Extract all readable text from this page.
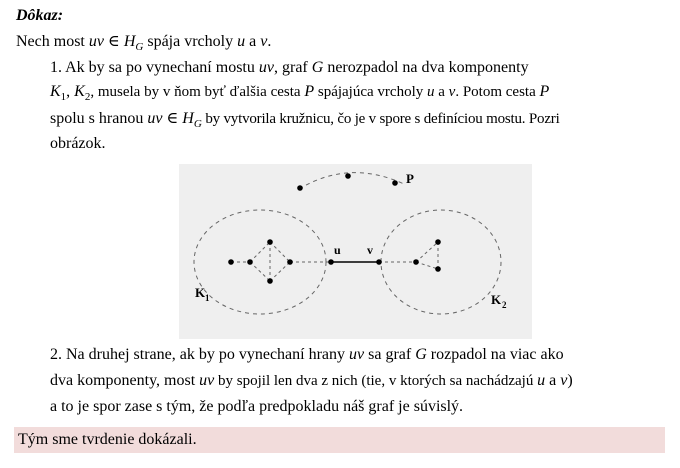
Dôkaz:
Nech most uv ∈ $H_G$ spája vrcholy u a v.
1. Ak by sa po vynechaní mostu uv, graf G nerozpadol na dva komponenty
$K_1$, $K_2$, musela by v ňom byť ďalšia cesta P spájajúca vrcholy u a v. Potom cesta P
spolu s hranou uv ∈ $H_G$ by vytvorila kružnicu, čo je v spore s definíciou mostu. Pozri
obrázok.
P
u v
K 1	K 2
2. Na druhej strane, ak by po vynechaní hrany uv sa graf G rozpadol na viac ako
dva komponenty, most uv by spojil len dva z nich (tie, v ktorých sa nachádzajú u a v)
a to je spor zase s tým, že podľa predpokladu náš graf je súvislý.
Tým sme tvrdenie dokázali.
